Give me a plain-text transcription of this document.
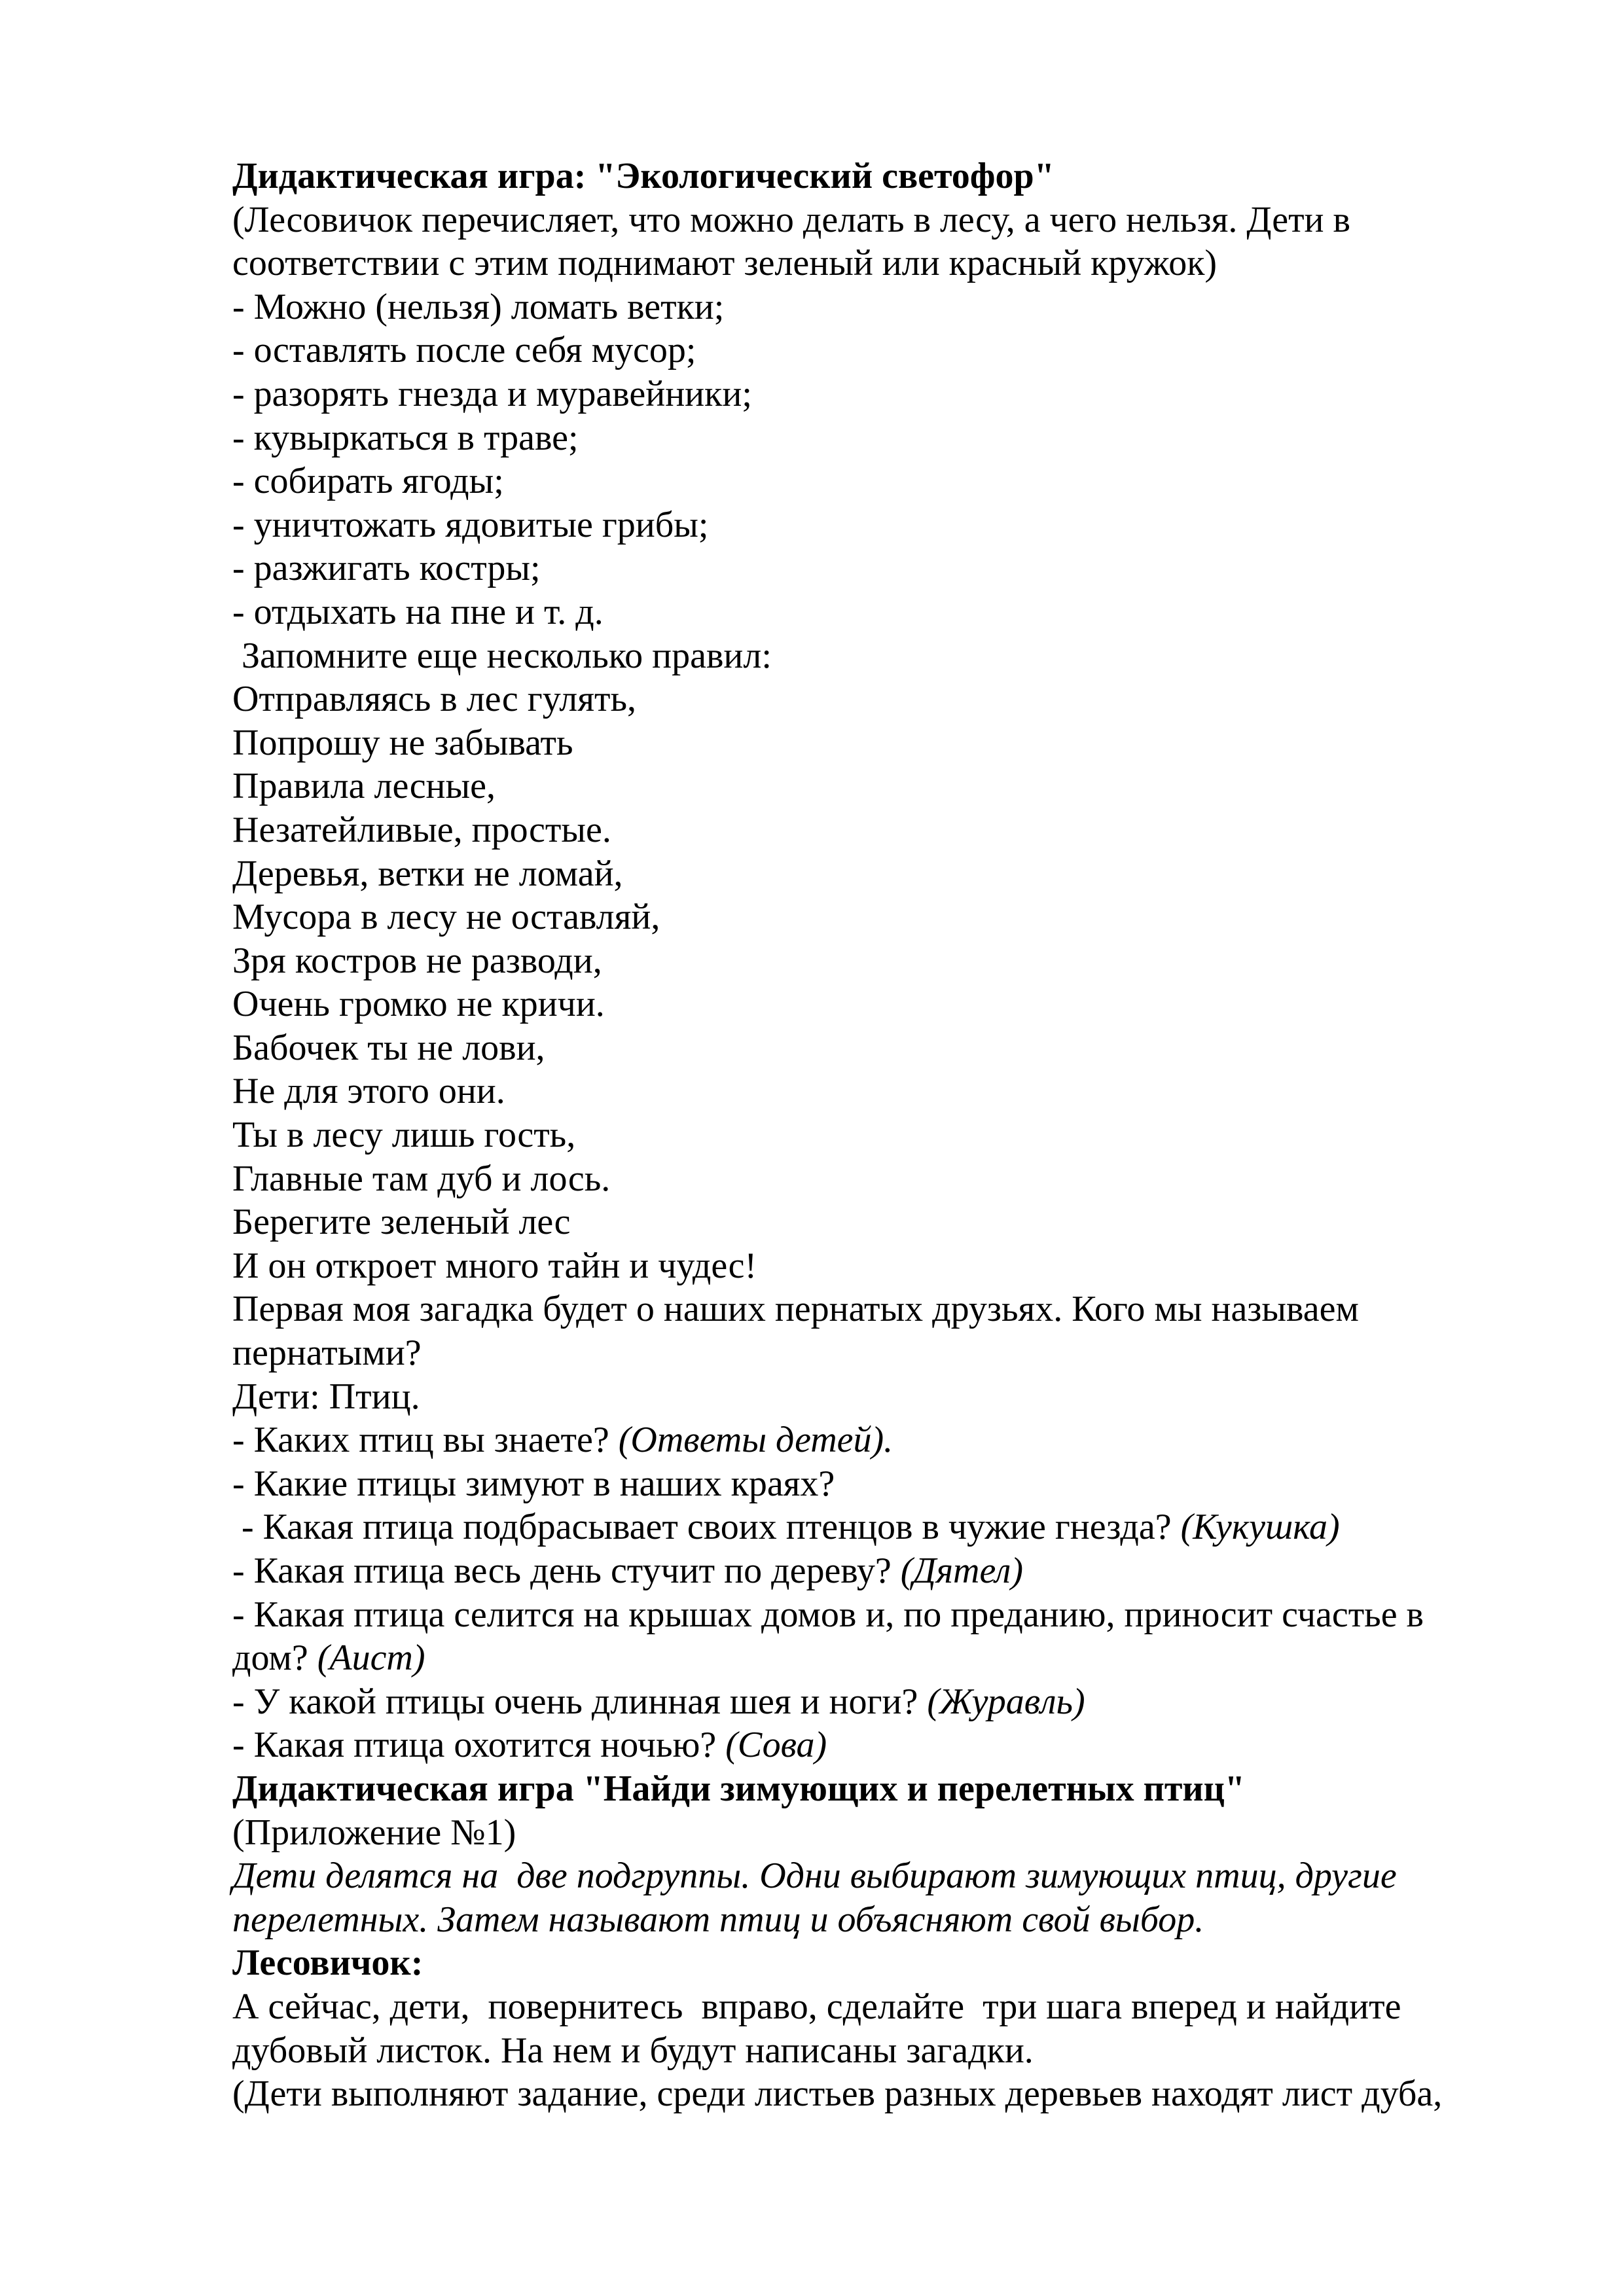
Дидактическая игра: "Экологический светофор"
(Лесовичок перечисляет, что можно делать в лесу, а чего нельзя. Дети в
соответствии с этим поднимают зеленый или красный кружок)
- Можно (нельзя) ломать ветки;
- оставлять после себя мусор;
- разорять гнезда и муравейники;
- кувыркаться в траве;
- собирать ягоды;
- уничтожать ядовитые грибы;
- разжигать костры;
- отдыхать на пне и т. д.
Запомните еще несколько правил:
Отправляясь в лес гулять,
Попрошу не забывать
Правила лесные,
Незатейливые, простые.
Деревья, ветки не ломай,
Мусора в лесу не оставляй,
Зря костров не разводи,
Очень громко не кричи.
Бабочек ты не лови,
Не для этого они.
Ты в лесу лишь гость,
Главные там дуб и лось.
Берегите зеленый лес
И он откроет много тайн и чудес!
Первая моя загадка будет о наших пернатых друзьях. Кого мы называем
пернатыми?
Дети: Птиц.
- Каких птиц вы знаете? (Ответы детей).
- Какие птицы зимуют в наших краях?
- Какая птица подбрасывает своих птенцов в чужие гнезда? (Кукушка)
- Какая птица весь день стучит по дереву? (Дятел)
- Какая птица селится на крышах домов и, по преданию, приносит счастье в
дом? (Аист)
- У какой птицы очень длинная шея и ноги? (Журавль)
- Какая птица охотится ночью? (Сова)
Дидактическая игра "Найди зимующих и перелетных птиц"
(Приложение №1)
Дети делятся на  две подгруппы. Одни выбирают зимующих птиц, другие
перелетных. Затем называют птиц и объясняют свой выбор.
Лесовичок:
А сейчас, дети,  повернитесь  вправо, сделайте  три шага вперед и найдите
дубовый листок. На нем и будут написаны загадки.
(Дети выполняют задание, среди листьев разных деревьев находят лист дуба,
